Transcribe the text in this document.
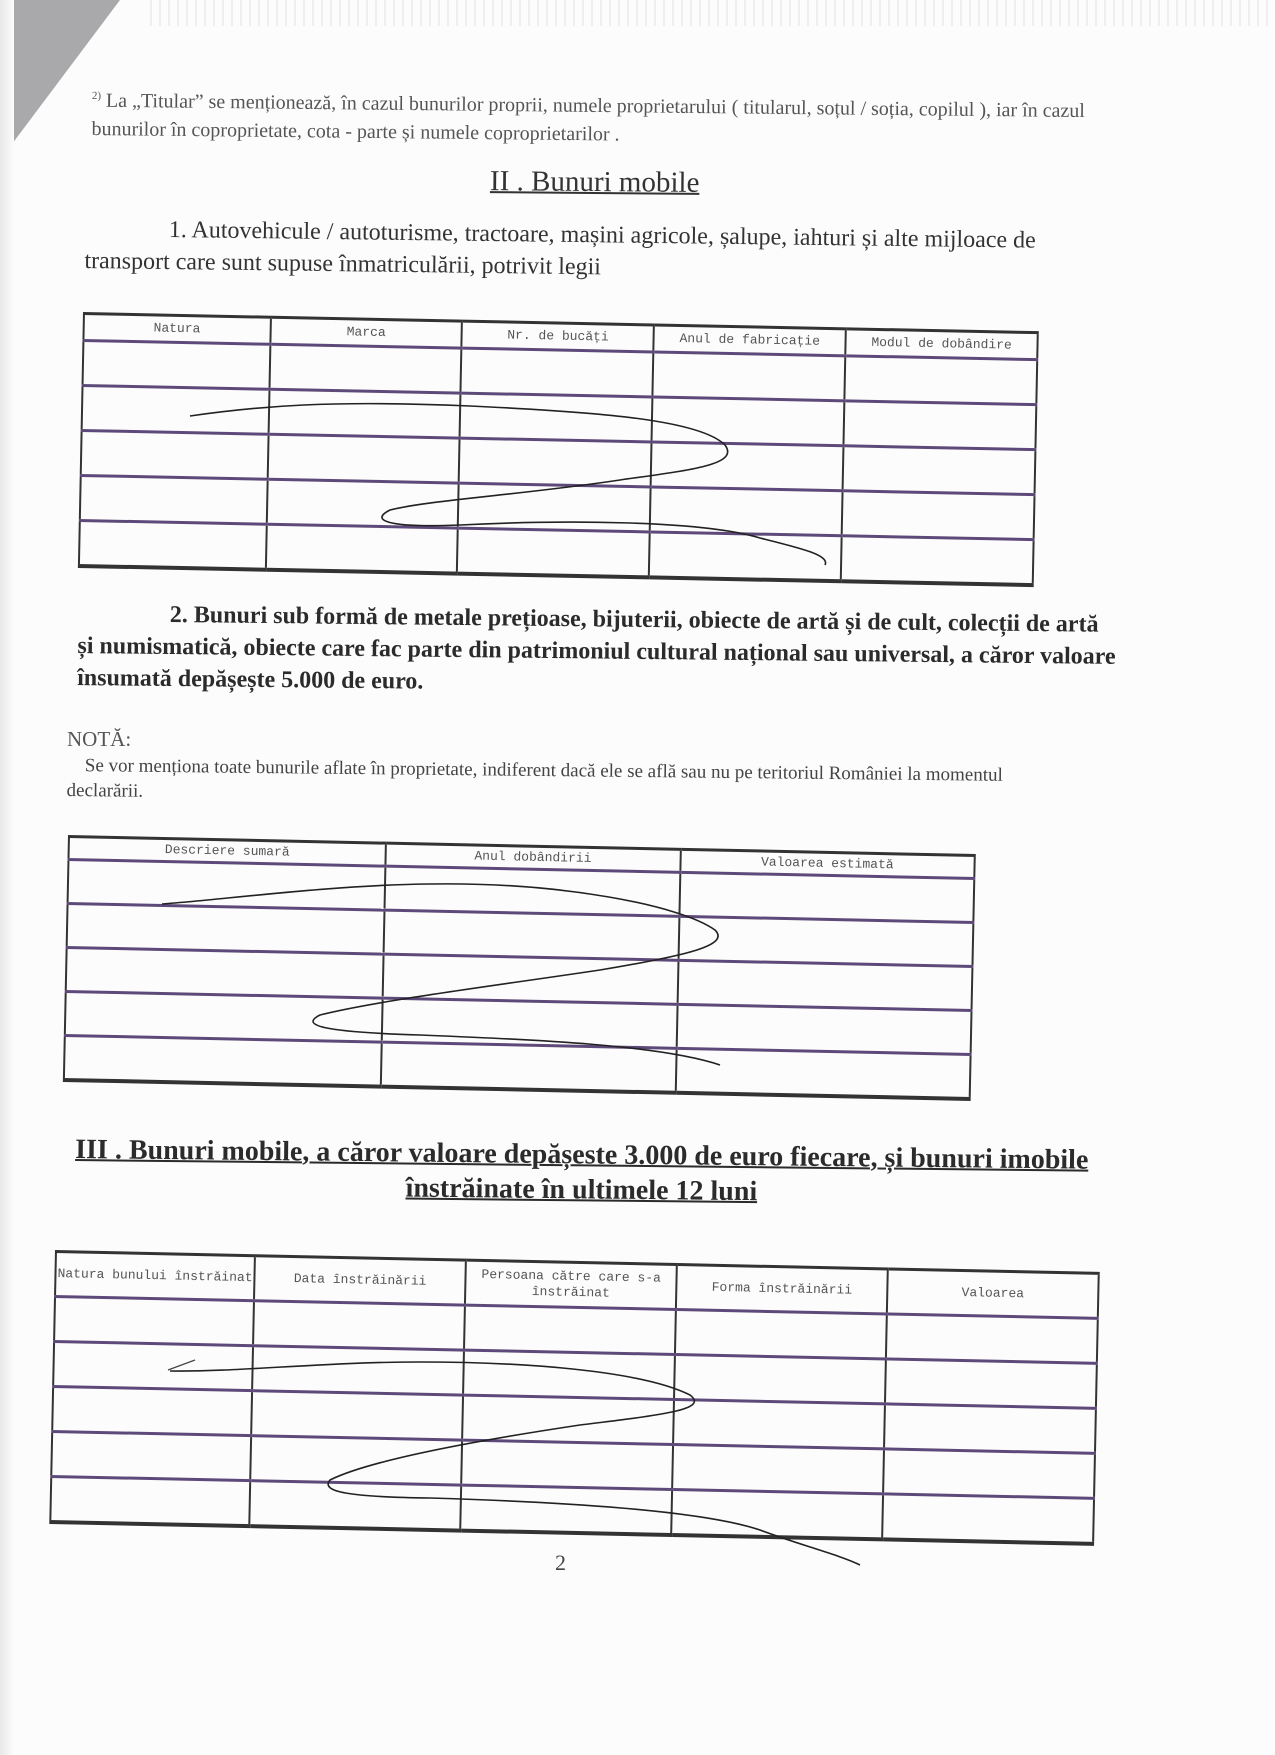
$^{2)}$ La „Titular” se menționează, în cazul bunurilor proprii, numele proprietarului ( titularul, soțul / soția, copilul ), iar în cazul bunurilor în coproprietate, cota - parte și numele coproprietarilor .
II . Bunuri mobile
1. Autovehicule / autoturisme, tractoare, mașini agricole, șalupe, iahturi și alte mijloace de transport care sunt supuse înmatriculării, potrivit legii
Natura	Marca	Nr. de bucăți	Anul de fabricație	Modul de dobândire

2. Bunuri sub formă de metale prețioase, bijuterii, obiecte de artă și de cult, colecții de artă și numismatică, obiecte care fac parte din patrimoniul cultural național sau universal, a căror valoare însumată depășește 5.000 de euro.
NOTĂ:
Se vor menționa toate bunurile aflate în proprietate, indiferent dacă ele se află sau nu pe teritoriul României la momentul declarării.
Descriere sumară	Anul dobândirii	Valoarea estimată

III . Bunuri mobile, a căror valoare depășeste 3.000 de euro fiecare, și bunuri imobile înstrăinate în ultimele 12 luni
Natura bunului înstrăinat	Data înstrăinării	Persoana către care s-a înstrăinat	Forma înstrăinării	Valoarea

2
